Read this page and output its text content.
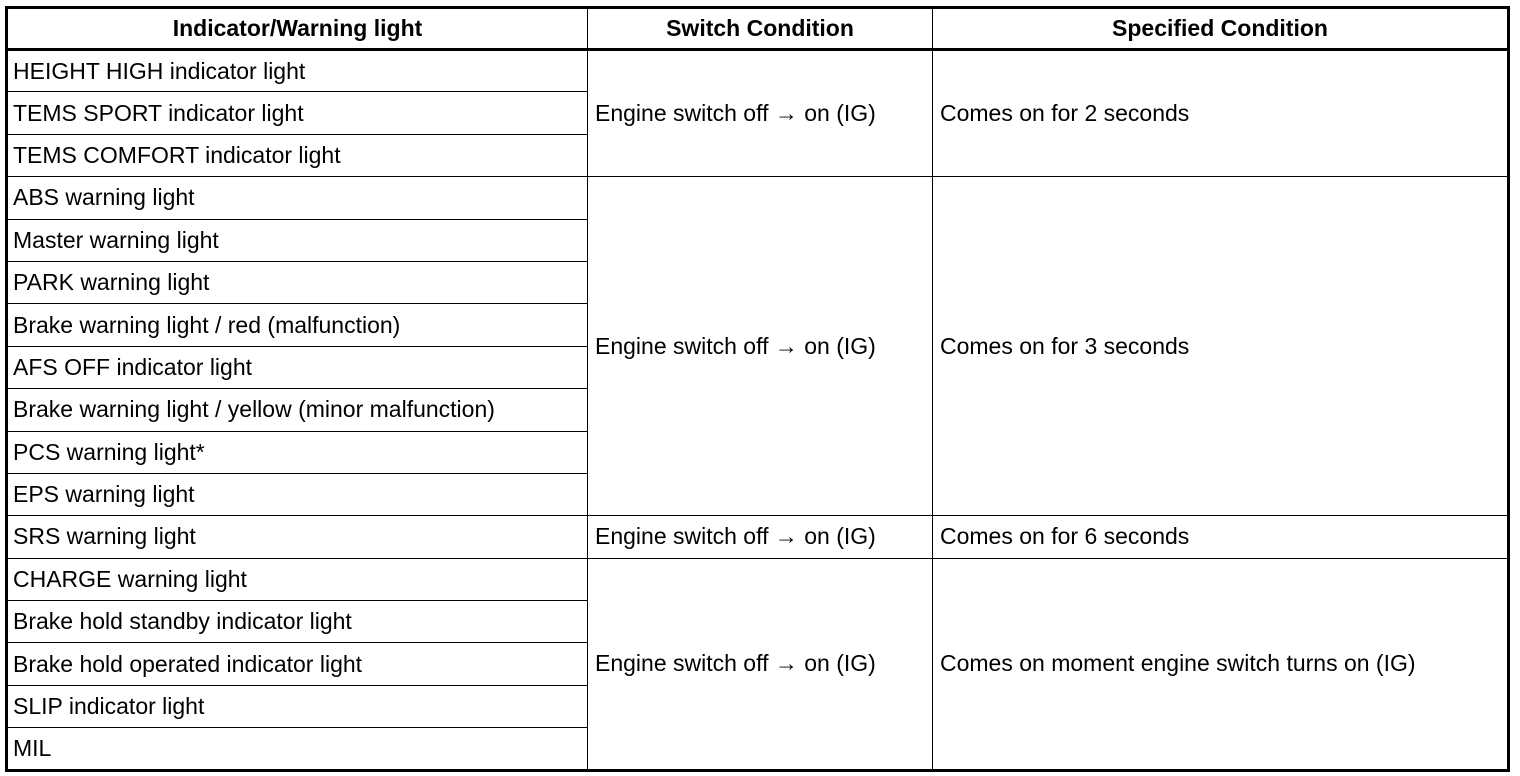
Indicator/Warning light	Switch Condition	Specified Condition
HEIGHT HIGH indicator light	Engine switch off → on (IG)	Comes on for 2 seconds
TEMS SPORT indicator light		
TEMS COMFORT indicator light		
ABS warning light	Engine switch off → on (IG)	Comes on for 3 seconds
Master warning light		
PARK warning light		
Brake warning light / red (malfunction)		
AFS OFF indicator light		
Brake warning light / yellow (minor malfunction)		
PCS warning light*		
EPS warning light		
SRS warning light	Engine switch off → on (IG)	Comes on for 6 seconds
CHARGE warning light	Engine switch off → on (IG)	Comes on moment engine switch turns on (IG)
Brake hold standby indicator light		
Brake hold operated indicator light		
SLIP indicator light		
MIL		
